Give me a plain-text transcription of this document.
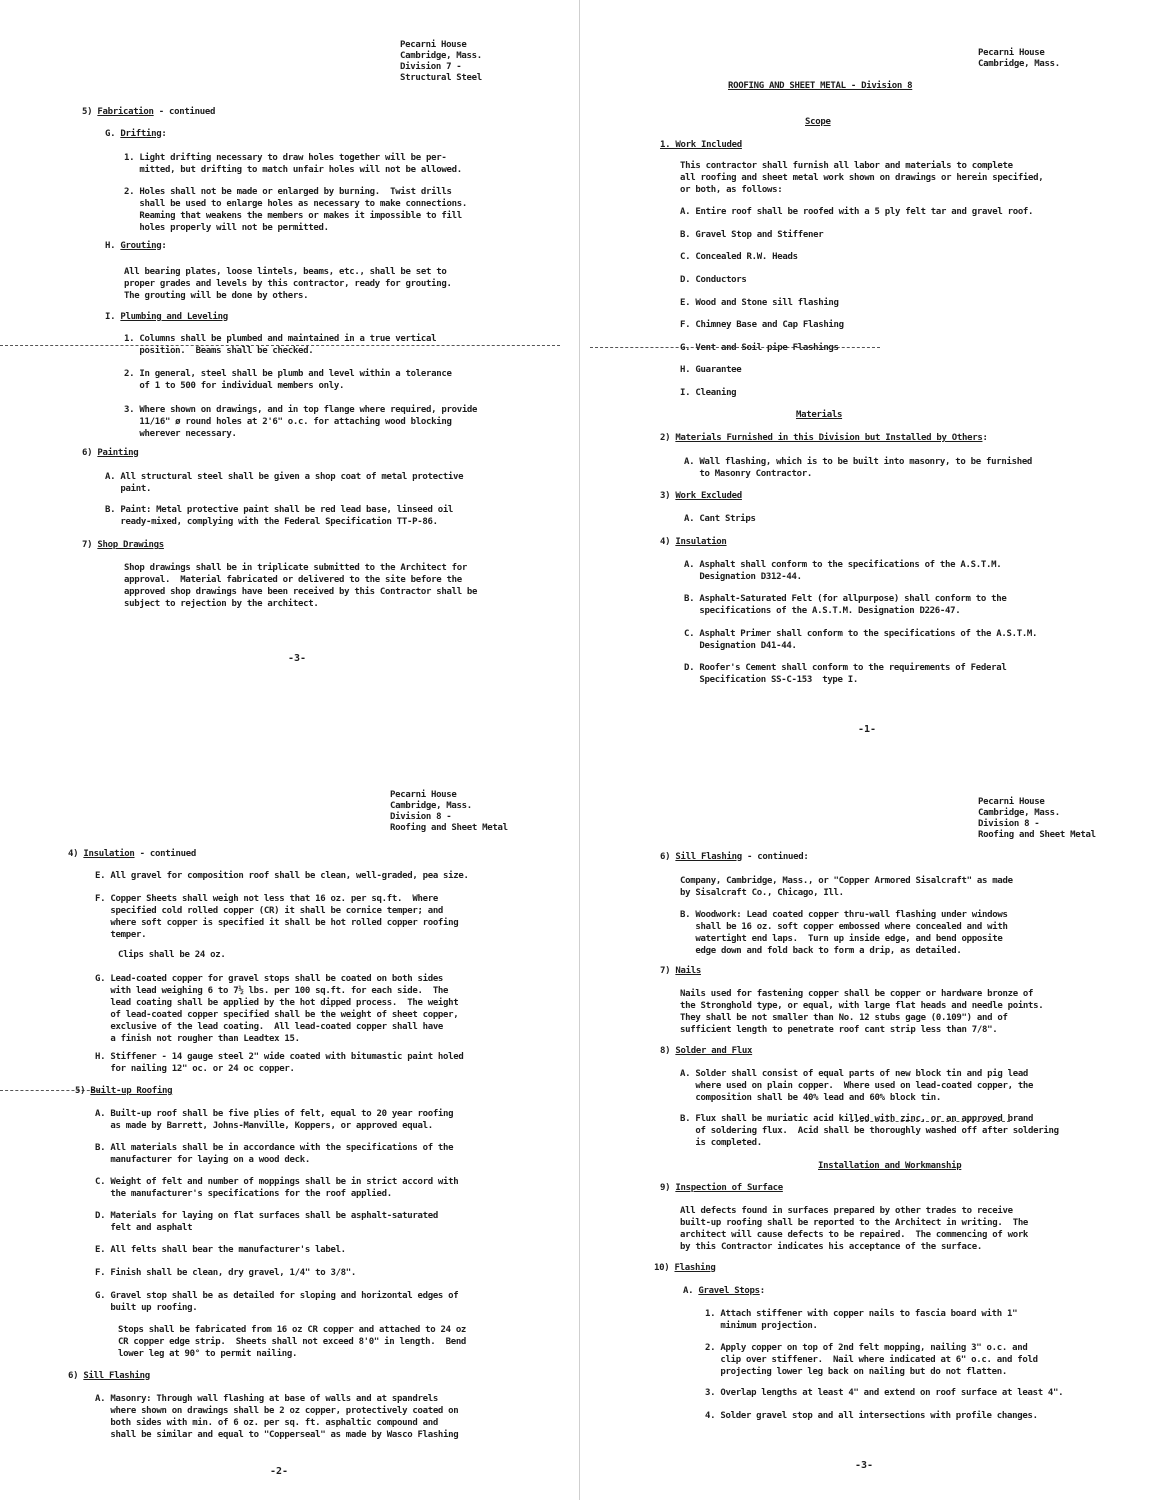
Pecarni House
Cambridge, Mass.
Division 7 -
Structural Steel
Pecarni House
Cambridge, Mass.
Pecarni House
Cambridge, Mass.
Division 8 -
Roofing and Sheet Metal
Pecarni House
Cambridge, Mass.
Division 8 -
Roofing and Sheet Metal
5) Fabrication - continued
G. Drifting:
1. Light drifting necessary to draw holes together will be per-
mitted, but drifting to match unfair holes will not be allowed.
2. Holes shall not be made or enlarged by burning.  Twist drills
shall be used to enlarge holes as necessary to make connections.
Reaming that weakens the members or makes it impossible to fill
holes properly will not be permitted.
H. Grouting:
All bearing plates, loose lintels, beams, etc., shall be set to
proper grades and levels by this contractor, ready for grouting.
The grouting will be done by others.
I. Plumbing and Leveling
1. Columns shall be plumbed and maintained in a true vertical
position.  Beams shall be checked.
2. In general, steel shall be plumb and level within a tolerance
of 1 to 500 for individual members only.
3. Where shown on drawings, and in top flange where required, provide
11/16" ø round holes at 2'6" o.c. for attaching wood blocking
wherever necessary.
6) Painting
A. All structural steel shall be given a shop coat of metal protective
paint.
B. Paint: Metal protective paint shall be red lead base, linseed oil
ready-mixed, complying with the Federal Specification TT-P-86.
7) Shop Drawings
Shop drawings shall be in triplicate submitted to the Architect for
approval.  Material fabricated or delivered to the site before the
approved shop drawings have been received by this Contractor shall be
subject to rejection by the architect.
ROOFING AND SHEET METAL - Division 8
Scope
1. Work Included
This contractor shall furnish all labor and materials to complete
all roofing and sheet metal work shown on drawings or herein specified,
or both, as follows:
A. Entire roof shall be roofed with a 5 ply felt tar and gravel roof.
B. Gravel Stop and Stiffener
C. Concealed R.W. Heads
D. Conductors
E. Wood and Stone sill flashing
F. Chimney Base and Cap Flashing
G. Vent and Soil pipe Flashings
H. Guarantee
I. Cleaning
Materials
2) Materials Furnished in this Division but Installed by Others:
A. Wall flashing, which is to be built into masonry, to be furnished
to Masonry Contractor.
3) Work Excluded
A. Cant Strips
4) Insulation
A. Asphalt shall conform to the specifications of the A.S.T.M.
Designation D312-44.
B. Asphalt-Saturated Felt (for allpurpose) shall conform to the
specifications of the A.S.T.M. Designation D226-47.
C. Asphalt Primer shall conform to the specifications of the A.S.T.M.
Designation D41-44.
D. Roofer's Cement shall conform to the requirements of Federal
Specification SS-C-153  type I.
4) Insulation - continued
E. All gravel for composition roof shall be clean, well-graded, pea size.
F. Copper Sheets shall weigh not less that 16 oz. per sq.ft.  Where
specified cold rolled copper (CR) it shall be cornice temper; and
where soft copper is specified it shall be hot rolled copper roofing
temper.
Clips shall be 24 oz.
G. Lead-coated copper for gravel stops shall be coated on both sides
with lead weighing 6 to 7½ lbs. per 100 sq.ft. for each side.  The
lead coating shall be applied by the hot dipped process.  The weight
of lead-coated copper specified shall be the weight of sheet copper,
exclusive of the lead coating.  All lead-coated copper shall have
a finish not rougher than Leadtex 15.
H. Stiffener - 14 gauge steel 2" wide coated with bitumastic paint holed
for nailing 12" oc. or 24 oc copper.
5) Built-up Roofing
A. Built-up roof shall be five plies of felt, equal to 20 year roofing
as made by Barrett, Johns-Manville, Koppers, or approved equal.
B. All materials shall be in accordance with the specifications of the
manufacturer for laying on a wood deck.
C. Weight of felt and number of moppings shall be in strict accord with
the manufacturer's specifications for the roof applied.
D. Materials for laying on flat surfaces shall be asphalt-saturated
felt and asphalt
E. All felts shall bear the manufacturer's label.
F. Finish shall be clean, dry gravel, 1/4" to 3/8".
G. Gravel stop shall be as detailed for sloping and horizontal edges of
built up roofing.
Stops shall be fabricated from 16 oz CR copper and attached to 24 oz
CR copper edge strip.  Sheets shall not exceed 8'0" in length.  Bend
lower leg at 90° to permit nailing.
6) Sill Flashing
A. Masonry: Through wall flashing at base of walls and at spandrels
where shown on drawings shall be 2 oz copper, protectively coated on
both sides with min. of 6 oz. per sq. ft. asphaltic compound and
shall be similar and equal to "Copperseal" as made by Wasco Flashing
6) Sill Flashing - continued:
Company, Cambridge, Mass., or "Copper Armored Sisalcraft" as made
by Sisalcraft Co., Chicago, Ill.
B. Woodwork: Lead coated copper thru-wall flashing under windows
shall be 16 oz. soft copper embossed where concealed and with
watertight end laps.  Turn up inside edge, and bend opposite
edge down and fold back to form a drip, as detailed.
7) Nails
Nails used for fastening copper shall be copper or hardware bronze of
the Stronghold type, or equal, with large flat heads and needle points.
They shall be not smaller than No. 12 stubs gage (0.109") and of
sufficient length to penetrate roof cant strip less than 7/8".
8) Solder and Flux
A. Solder shall consist of equal parts of new block tin and pig lead
where used on plain copper.  Where used on lead-coated copper, the
composition shall be 40% lead and 60% block tin.
B. Flux shall be muriatic acid killed with zinc, or an approved brand
of soldering flux.  Acid shall be thoroughly washed off after soldering
is completed.
Installation and Workmanship
9) Inspection of Surface
All defects found in surfaces prepared by other trades to receive
built-up roofing shall be reported to the Architect in writing.  The
architect will cause defects to be repaired.  The commencing of work
by this Contractor indicates his acceptance of the surface.
10) Flashing
A. Gravel Stops:
1. Attach stiffener with copper nails to fascia board with 1"
minimum projection.
2. Apply copper on top of 2nd felt mopping, nailing 3" o.c. and
clip over stiffener.  Nail where indicated at 6" o.c. and fold
projecting lower leg back on nailing but do not flatten.
3. Overlap lengths at least 4" and extend on roof surface at least 4".
4. Solder gravel stop and all intersections with profile changes.
-3-
-1-
-2-
-3-
